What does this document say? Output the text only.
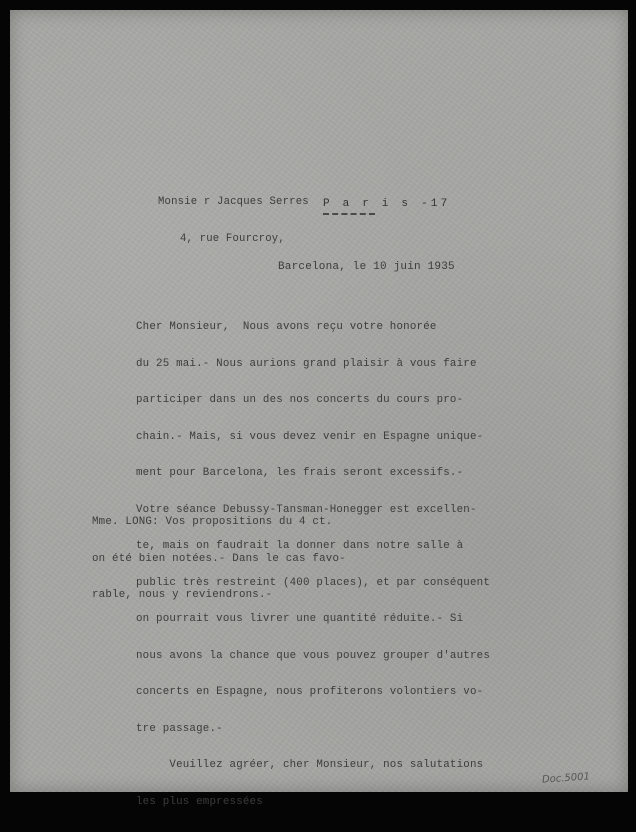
Monsie r Jacques Serres

4, rue Fourcroy,

P a r i s -17
Barcelona, le 10 juin 1935

Cher Monsieur,  Nous avons reçu votre honorée

du 25 mai.- Nous aurions grand plaisir à vous faire

participer dans un des nos concerts du cours pro-

chain.- Mais, si vous devez venir en Espagne unique-

ment pour Barcelona, les frais seront excessifs.-

Votre séance Debussy-Tansman-Honegger est excellen-

te, mais on faudrait la donner dans notre salle à

public très restreint (400 places), et par conséquent

on pourrait vous livrer une quantité réduite.- Si

nous avons la chance que vous pouvez grouper d'autres

concerts en Espagne, nous profiterons volontiers vo-

tre passage.-

Veuillez agréer, cher Monsieur, nos salutations

les plus empressées

Mme. LONG: Vos propositions du 4 ct.

on été bien notées.- Dans le cas favo-

rable, nous y reviendrons.-

Doc.5001
